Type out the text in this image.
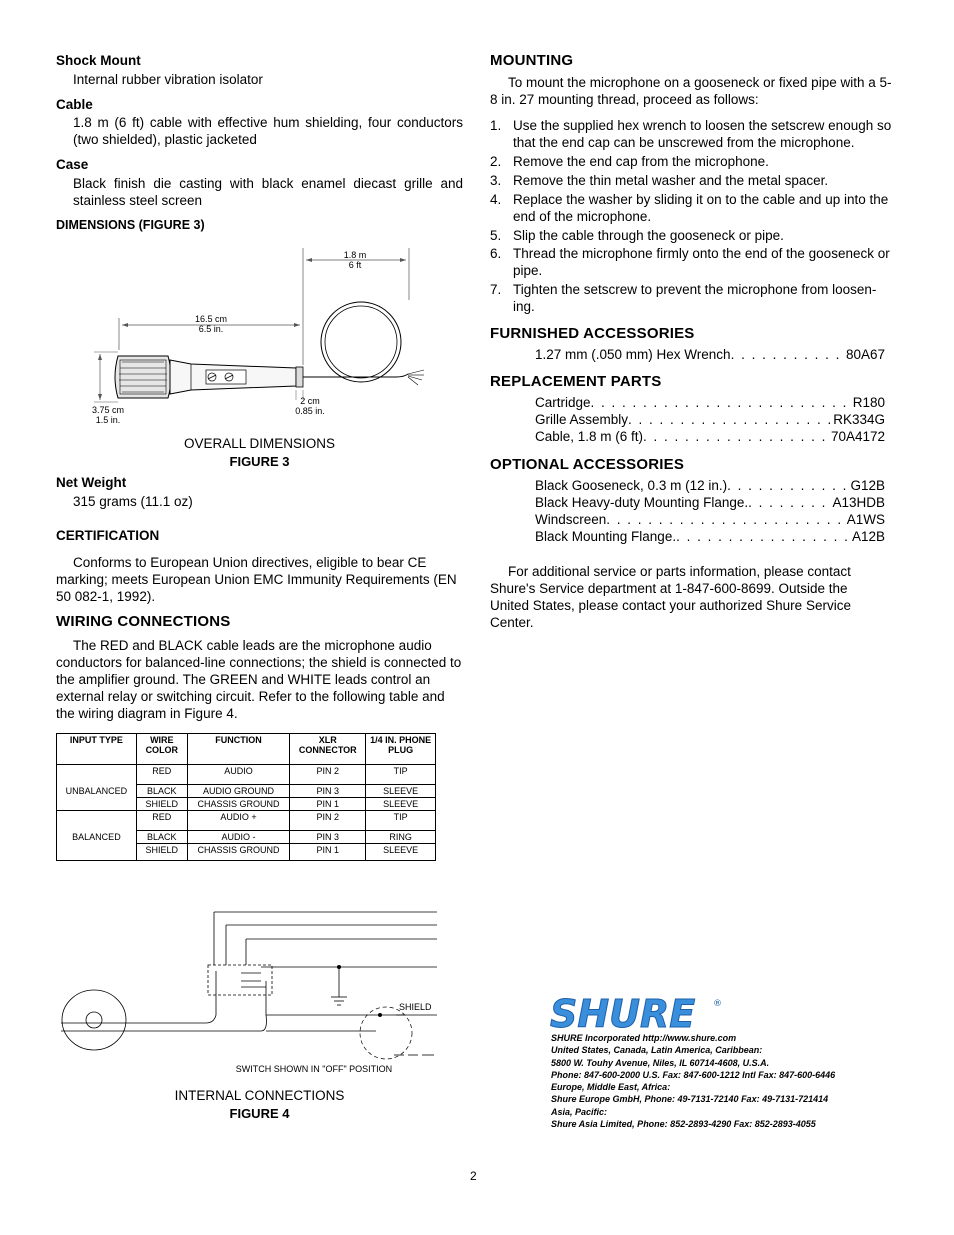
Shock Mount
Internal rubber vibration isolator
Cable
1.8 m (6 ft) cable with effective hum shielding, four conductors (two shielded), plastic jacketed
Case
Black finish die casting with black enamel diecast grille and stainless steel screen
DIMENSIONS (FIGURE 3)
1.8 m
6 ft
16.5 cm
6.5 in.
3.75 cm
1.5 in.
2 cm
0.85 in.
OVERALL DIMENSIONS
FIGURE 3
Net Weight
315 grams (11.1 oz)
CERTIFICATION
Conforms to European Union directives, eligible to bear CE marking; meets European Union EMC Immunity Requirements (EN 50 082-1, 1992).
WIRING CONNECTIONS
The RED and BLACK cable leads are the microphone audio conductors for balanced-line connections; the shield is connected to the amplifier ground. The GREEN and WHITE leads control an external relay or switching circuit. Refer to the following table and the wiring diagram in Figure 4.
INPUT TYPE	WIRE COLOR	FUNCTION	XLR CONNECTOR	1/4 IN. PHONE PLUG
	RED	AUDIO	PIN 2	TIP
UNBALANCED	BLACK	AUDIO GROUND	PIN 3	SLEEVE
	SHIELD	CHASSIS GROUND	PIN 1	SLEEVE
	RED	AUDIO +	PIN 2	TIP
BALANCED	BLACK	AUDIO -	PIN 3	RING
	SHIELD	CHASSIS GROUND	PIN 1	SLEEVE
SHIELD
SWITCH SHOWN IN "OFF" POSITION
INTERNAL CONNECTIONS
FIGURE 4
MOUNTING
To mount the microphone on a gooseneck or fixed pipe with a 5-8 in. 27 mounting thread, proceed as follows:
1. Use the supplied hex wrench to loosen the setscrew enough so that the end cap can be unscrewed from the microphone.
2. Remove the end cap from the microphone.
3. Remove the thin metal washer and the metal spacer.
4. Replace the washer by sliding it on to the cable and up into the end of the microphone.
5. Slip the cable through the gooseneck or pipe.
6. Thread the microphone firmly onto the end of the gooseneck or pipe.
7. Tighten the setscrew to prevent the microphone from loosen-ing.
FURNISHED ACCESSORIES
1.27 mm (.050 mm) Hex Wrench . . .	80A67
REPLACEMENT PARTS
Cartridge . . .	R180
Grille Assembly . . .	RK334G
Cable, 1.8 m (6 ft) . . .	70A4172
OPTIONAL ACCESSORIES
Black Gooseneck, 0.3 m (12 in.) . . .	G12B
Black Heavy-duty Mounting Flange. . . .	A13HDB
Windscreen . . .	A1WS
Black Mounting Flange. . . .	A12B
For additional service or parts information, please contact Shure's Service department at 1-847-600-8699. Outside the United States, please contact your authorized Shure Service Center.
SHURE ®
SHURE Incorporated http://www.shure.com
United States, Canada, Latin America, Caribbean:
5800 W. Touhy Avenue, Niles, IL 60714-4608, U.S.A.
Phone: 847-600-2000 U.S. Fax: 847-600-1212 Intl Fax: 847-600-6446
Europe, Middle East, Africa:
Shure Europe GmbH, Phone: 49-7131-72140 Fax: 49-7131-721414
Asia, Pacific:
Shure Asia Limited, Phone: 852-2893-4290 Fax: 852-2893-4055
2
